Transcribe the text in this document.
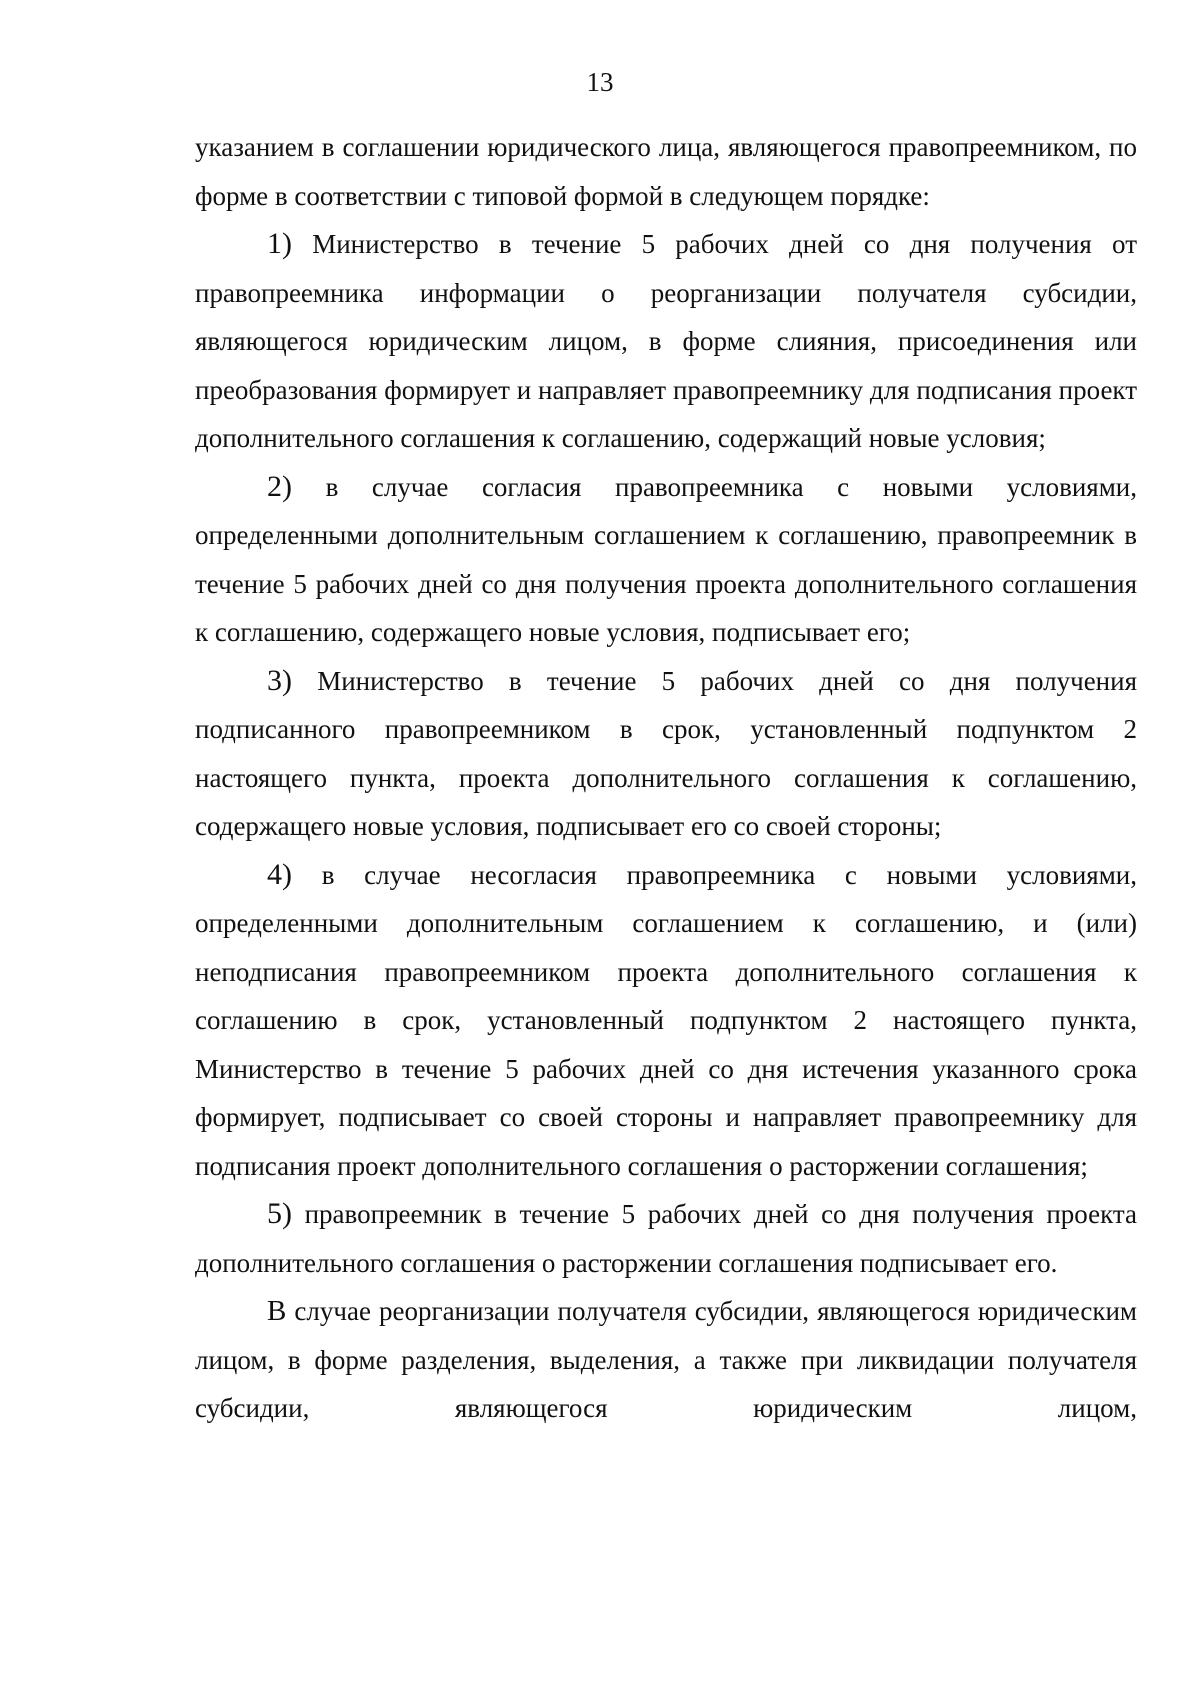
13

указанием в соглашении юридического лица, являющегося правопреемником, по форме в соответствии с типовой формой в следующем порядке:

1) Министерство в течение 5 рабочих дней со дня получения от правопреемника информации о реорганизации получателя субсидии, являющегося юридическим лицом, в форме слияния, присоединения или преобразования формирует и направляет правопреемнику для подписания проект дополнительного соглашения к соглашению, содержащий новые условия;

2) в случае согласия правопреемника с новыми условиями, определенными дополнительным соглашением к соглашению, правопреемник в течение 5 рабочих дней со дня получения проекта дополнительного соглашения к соглашению, содержащего новые условия, подписывает его;

3) Министерство в течение 5 рабочих дней со дня получения подписанного правопреемником в срок, установленный подпунктом 2 настоящего пункта, проекта дополнительного соглашения к соглашению, содержащего новые условия, подписывает его со своей стороны;

4) в случае несогласия правопреемника с новыми условиями, определенными дополнительным соглашением к соглашению, и (или) неподписания правопреемником проекта дополнительного соглашения к соглашению в срок, установленный подпунктом 2 настоящего пункта, Министерство в течение 5 рабочих дней со дня истечения указанного срока формирует, подписывает со своей стороны и направляет правопреемнику для подписания проект дополнительного соглашения о расторжении соглашения;

5) правопреемник в течение 5 рабочих дней со дня получения проекта дополнительного соглашения о расторжении соглашения подписывает его.

В случае реорганизации получателя субсидии, являющегося юридическим лицом, в форме разделения, выделения, а также при ликвидации получателя субсидии, являющегося юридическим лицом,
